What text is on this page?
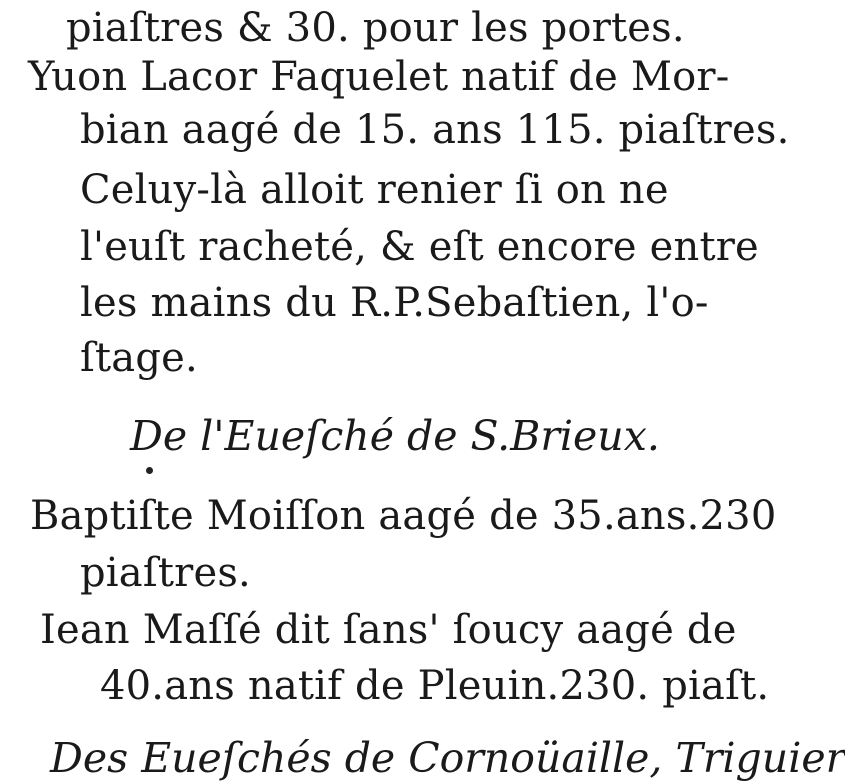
piaſtres & 30. pour les portes.
Yuon Lacor Faquelet natif de Mor-
bian aagé de 15. ans 115. piaſtres.
Celuy-là alloit renier ſi on ne
l'euſt racheté, & eſt encore entre
les mains du R.P.Sebaſtien, l'o-
ſtage.
De l'Eueſché de S.Brieux.
Baptiſte Moiſſon aagé de 35.ans.230
piaſtres.
Iean Maſſé dit ſans' ſoucy aagé de
40.ans natif de Pleuin.230. piaſt.
Des Eueſchés de Cornoüaille, Triguier
